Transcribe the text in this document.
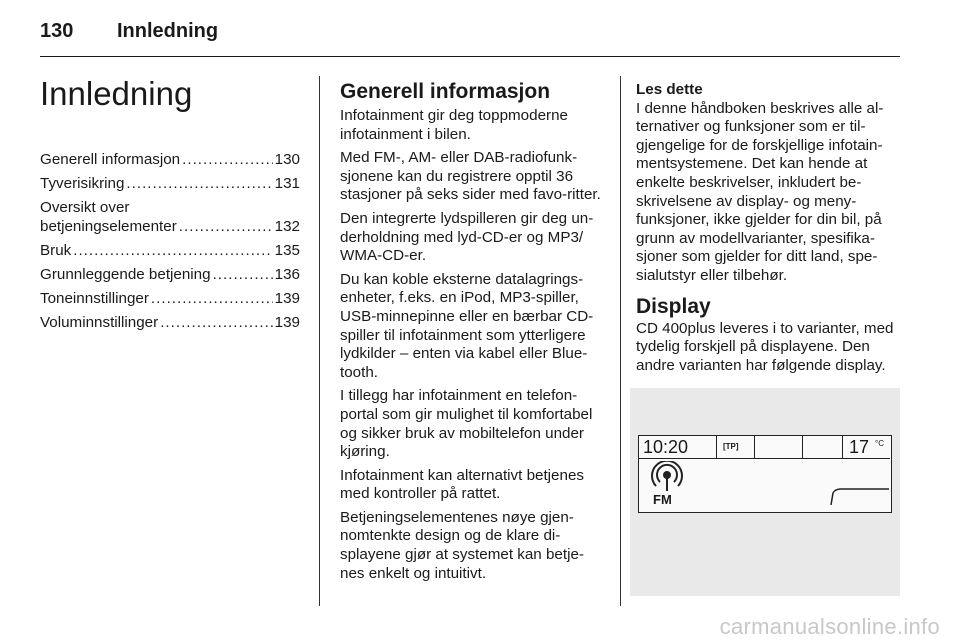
130 Innledning
Innledning
Generell informasjon .....	130
Tyverisikring .....	131
Oversikt over
betjeningselementer .....	132
Bruk .....	135
Grunnleggende betjening .....	136
Toneinnstillinger .....	139
Voluminnstillinger .....	139
Generell informasjon

Infotainment gir deg toppmoderne infotainment i bilen.

Med FM-, AM- eller DAB-radiofunk-sjonene kan du registrere opptil 36 stasjoner på seks sider med favo-ritter.

Den integrerte lydspilleren gir deg un-derholdning med lyd-CD-er og MP3/ WMA-CD-er.

Du kan koble eksterne datalagrings-enheter, f.eks. en iPod, MP3-spiller, USB-minnepinne eller en bærbar CD-spiller til infotainment som ytterligere lydkilder – enten via kabel eller Blue-tooth.

I tillegg har infotainment en telefon-portal som gir mulighet til komfortabel og sikker bruk av mobiltelefon under kjøring.

Infotainment kan alternativt betjenes med kontroller på rattet.

Betjeningselementenes nøye gjen-nomtenkte design og de klare di-splayene gjør at systemet kan betje-nes enkelt og intuitivt.

Les dette

I denne håndboken beskrives alle al-ternativer og funksjoner som er til-gjengelige for de forskjellige infotain-mentsystemene. Det kan hende at enkelte beskrivelser, inkludert be-skrivelsene av display- og meny-funksjoner, ikke gjelder for din bil, på grunn av modellvarianter, spesifika-sjoner som gjelder for ditt land, spe-sialutstyr eller tilbehør.

Display

CD 400plus leveres i to varianter, med tydelig forskjell på displayene. Den andre varianten har følgende display.

10:20	[TP]	17 °C
FM
carmanualsonline.info
